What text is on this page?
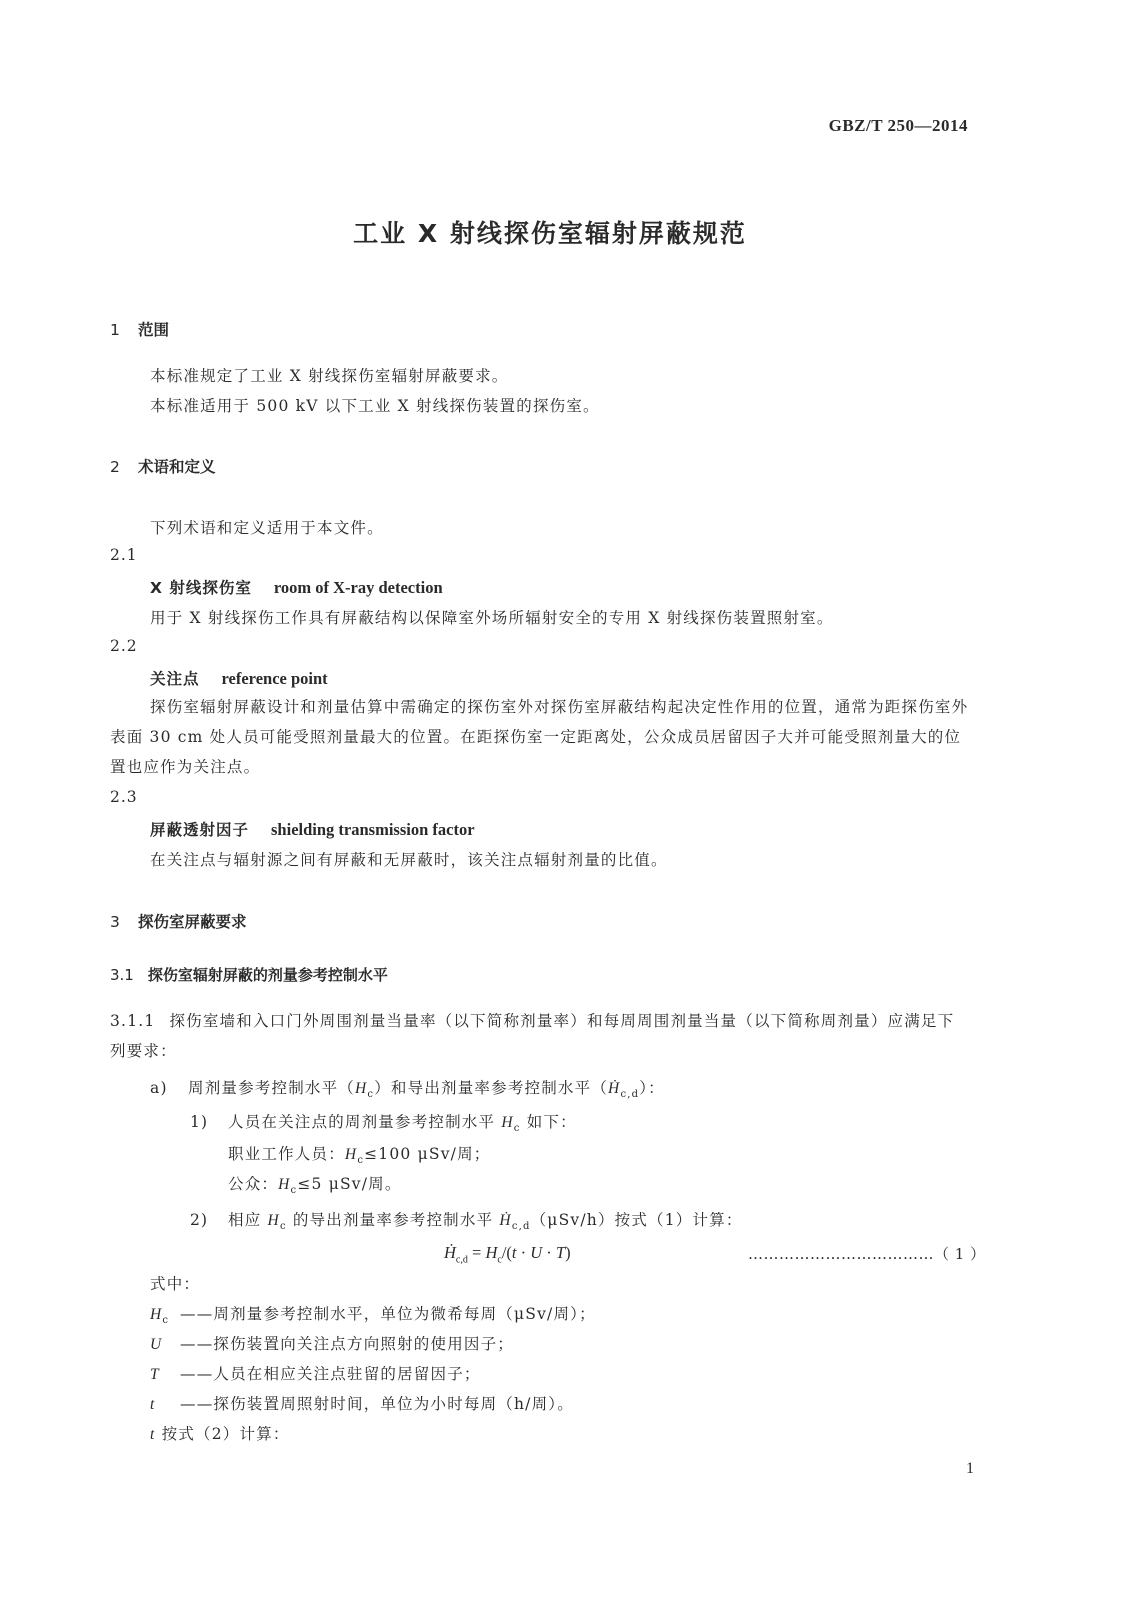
GBZ/T 250—2014
工业 X 射线探伤室辐射屏蔽规范
1 范围
本标准规定了工业 X 射线探伤室辐射屏蔽要求。
本标准适用于 500 kV 以下工业 X 射线探伤装置的探伤室。
2 术语和定义
下列术语和定义适用于本文件。
2.1
X 射线探伤室 room of X-ray detection
用于 X 射线探伤工作具有屏蔽结构以保障室外场所辐射安全的专用 X 射线探伤装置照射室。
2.2
关注点 reference point
探伤室辐射屏蔽设计和剂量估算中需确定的探伤室外对探伤室屏蔽结构起决定性作用的位置，通常为距探伤室外表面 30 cm 处人员可能受照剂量最大的位置。在距探伤室一定距离处，公众成员居留因子大并可能受照剂量大的位置也应作为关注点。
2.3
屏蔽透射因子 shielding transmission factor
在关注点与辐射源之间有屏蔽和无屏蔽时，该关注点辐射剂量的比值。
3 探伤室屏蔽要求
3.1 探伤室辐射屏蔽的剂量参考控制水平
3.1.1 探伤室墙和入口门外周围剂量当量率（以下简称剂量率）和每周周围剂量当量（以下简称周剂量）应满足下列要求：
a) 周剂量参考控制水平$(H_c)$和导出剂量率参考控制水平（Ḣ$_{c,d}$）：
1) 人员在关注点的周剂量参考控制水平 $H_c$ 如下：
职业工作人员：$H_c\le 100$ μSv/周；
公众：$H_c\le 5$ μSv/周。
2) 相应 $H_c$ 的导出剂量率参考控制水平 Ḣ$_{c,d}$（μSv/h）按式（1）计算：
Ḣ$_{c,d}$ = $H_c/(t \cdot U \cdot T)$	………………………………（ 1 ）
式中：
$H_c$ ——周剂量参考控制水平，单位为微希每周（μSv/周）；
U ——探伤装置向关注点方向照射的使用因子；
T ——人员在相应关注点驻留的居留因子；
t ——探伤装置周照射时间，单位为小时每周（h/周）。
t 按式（2）计算：
1
